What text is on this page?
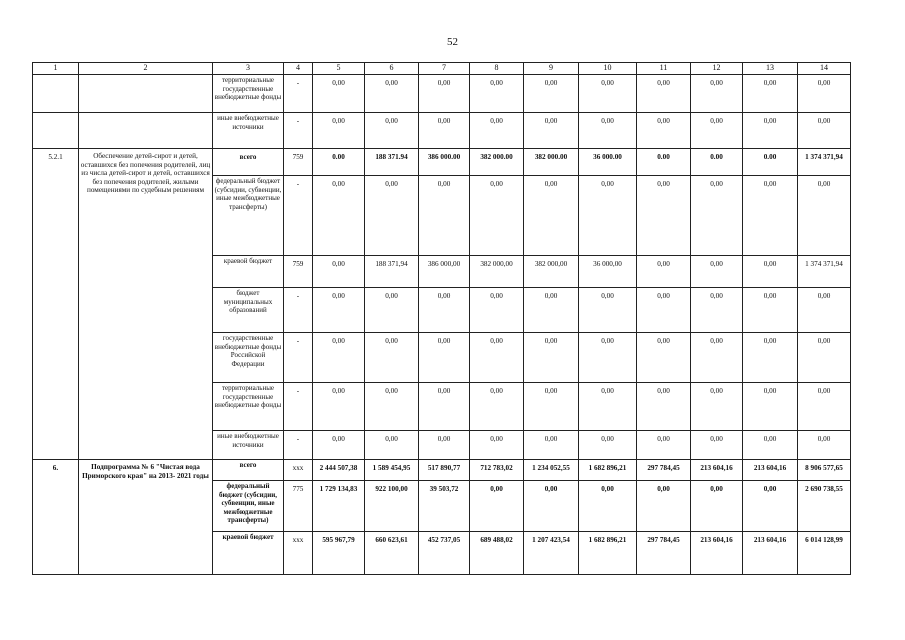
52
1	2	3	4	5	6	7	8	9	10	11	12	13	14
		территориальные государственные внебюджетные фонды	-	0,00	0,00	0,00	0,00	0,00	0,00	0,00	0,00	0,00	0,00
		иные внебюджетные источники	-	0,00	0,00	0,00	0,00	0,00	0,00	0,00	0,00	0,00	0,00
5.2.1	Обеспечение детей-сирот и детей, оставшихся без попечения родителей, лиц из числа детей-сирот и детей, оставшихся без попечения родителей, жилыми помещениями по судебным решениям	всего	759	0.00	188 371.94	386 000.00	382 000.00	382 000.00	36 000.00	0.00	0.00	0.00	1 374 371,94
		федеральный бюджет (субсидии, субвенции, иные межбюджетные трансферты)	-	0,00	0,00	0,00	0,00	0,00	0,00	0,00	0,00	0,00	0,00
		краевой бюджет	759	0,00	188 371,94	386 000,00	382 000,00	382 000,00	36 000,00	0,00	0,00	0,00	1 374 371,94
		бюджет муниципальных образований	-	0,00	0,00	0,00	0,00	0,00	0,00	0,00	0,00	0,00	0,00
		государственные внебюджетные фонды Российской Федерации	-	0,00	0,00	0,00	0,00	0,00	0,00	0,00	0,00	0,00	0,00
		территориальные государственные внебюджетные фонды	-	0,00	0,00	0,00	0,00	0,00	0,00	0,00	0,00	0,00	0,00
		иные внебюджетные источники	-	0,00	0,00	0,00	0,00	0,00	0,00	0,00	0,00	0,00	0,00
6.	Подпрограмма № 6 "Чистая вода Приморского края" на 2013- 2021 годы	всего	xxx	2 444 507,38	1 589 454,95	517 890,77	712 783,02	1 234 052,55	1 682 896,21	297 784,45	213 604,16	213 604,16	8 906 577,65
		федеральный бюджет (субсидии, субвенции, иные межбюджетные трансферты)	775	1 729 134,83	922 100,00	39 503,72	0,00	0,00	0,00	0,00	0,00	0,00	2 690 738,55
		краевой бюджет	xxx	595 967,79	660 623,61	452 737,05	689 488,02	1 207 423,54	1 682 896,21	297 784,45	213 604,16	213 604,16	6 014 128,99
